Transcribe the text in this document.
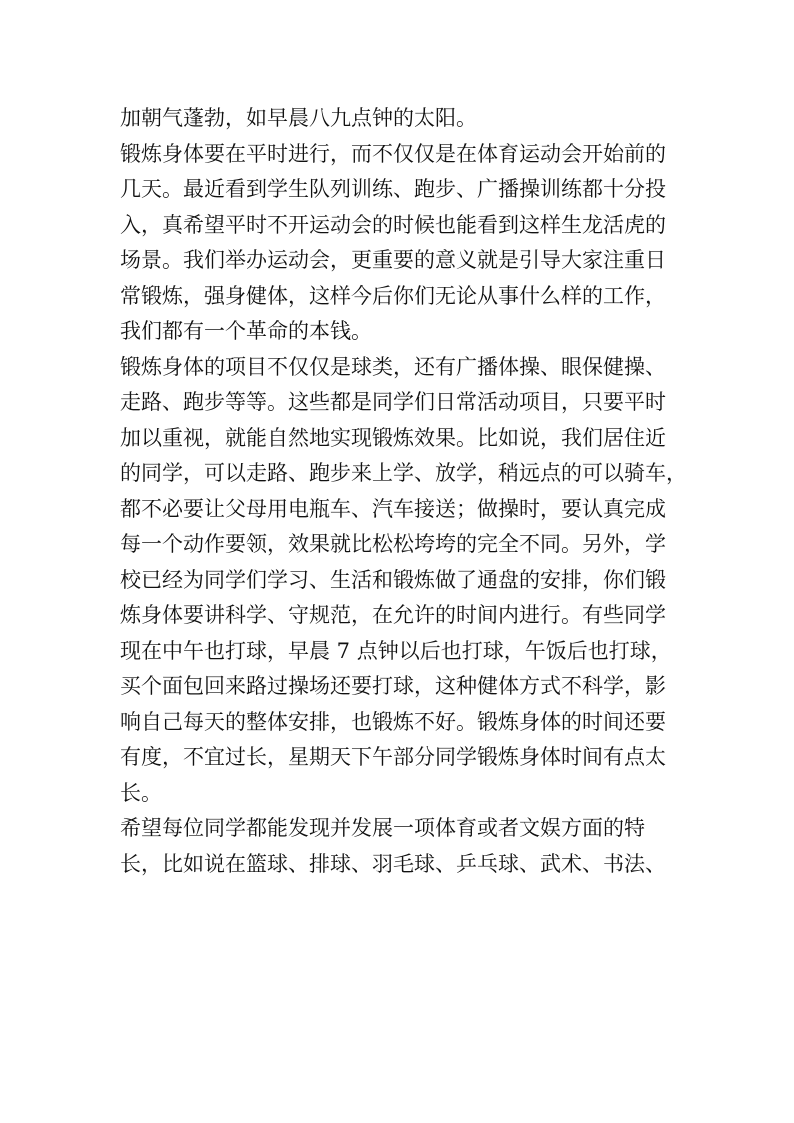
加朝气蓬勃，如早晨八九点钟的太阳。
锻炼身体要在平时进行，而不仅仅是在体育运动会开始前的
几天。最近看到学生队列训练、跑步、广播操训练都十分投
入，真希望平时不开运动会的时候也能看到这样生龙活虎的
场景。我们举办运动会，更重要的意义就是引导大家注重日
常锻炼，强身健体，这样今后你们无论从事什么样的工作，
我们都有一个革命的本钱。
锻炼身体的项目不仅仅是球类，还有广播体操、眼保健操、
走路、跑步等等。这些都是同学们日常活动项目，只要平时
加以重视，就能自然地实现锻炼效果。比如说，我们居住近
的同学，可以走路、跑步来上学、放学，稍远点的可以骑车，
都不必要让父母用电瓶车、汽车接送；做操时，要认真完成
每一个动作要领，效果就比松松垮垮的完全不同。另外，学
校已经为同学们学习、生活和锻炼做了通盘的安排，你们锻
炼身体要讲科学、守规范，在允许的时间内进行。有些同学
现在中午也打球，早晨 7 点钟以后也打球，午饭后也打球，
买个面包回来路过操场还要打球，这种健体方式不科学，影
响自己每天的整体安排，也锻炼不好。锻炼身体的时间还要
有度，不宜过长，星期天下午部分同学锻炼身体时间有点太
长。
希望每位同学都能发现并发展一项体育或者文娱方面的特
长，比如说在篮球、排球、羽毛球、乒乓球、武术、书法、
